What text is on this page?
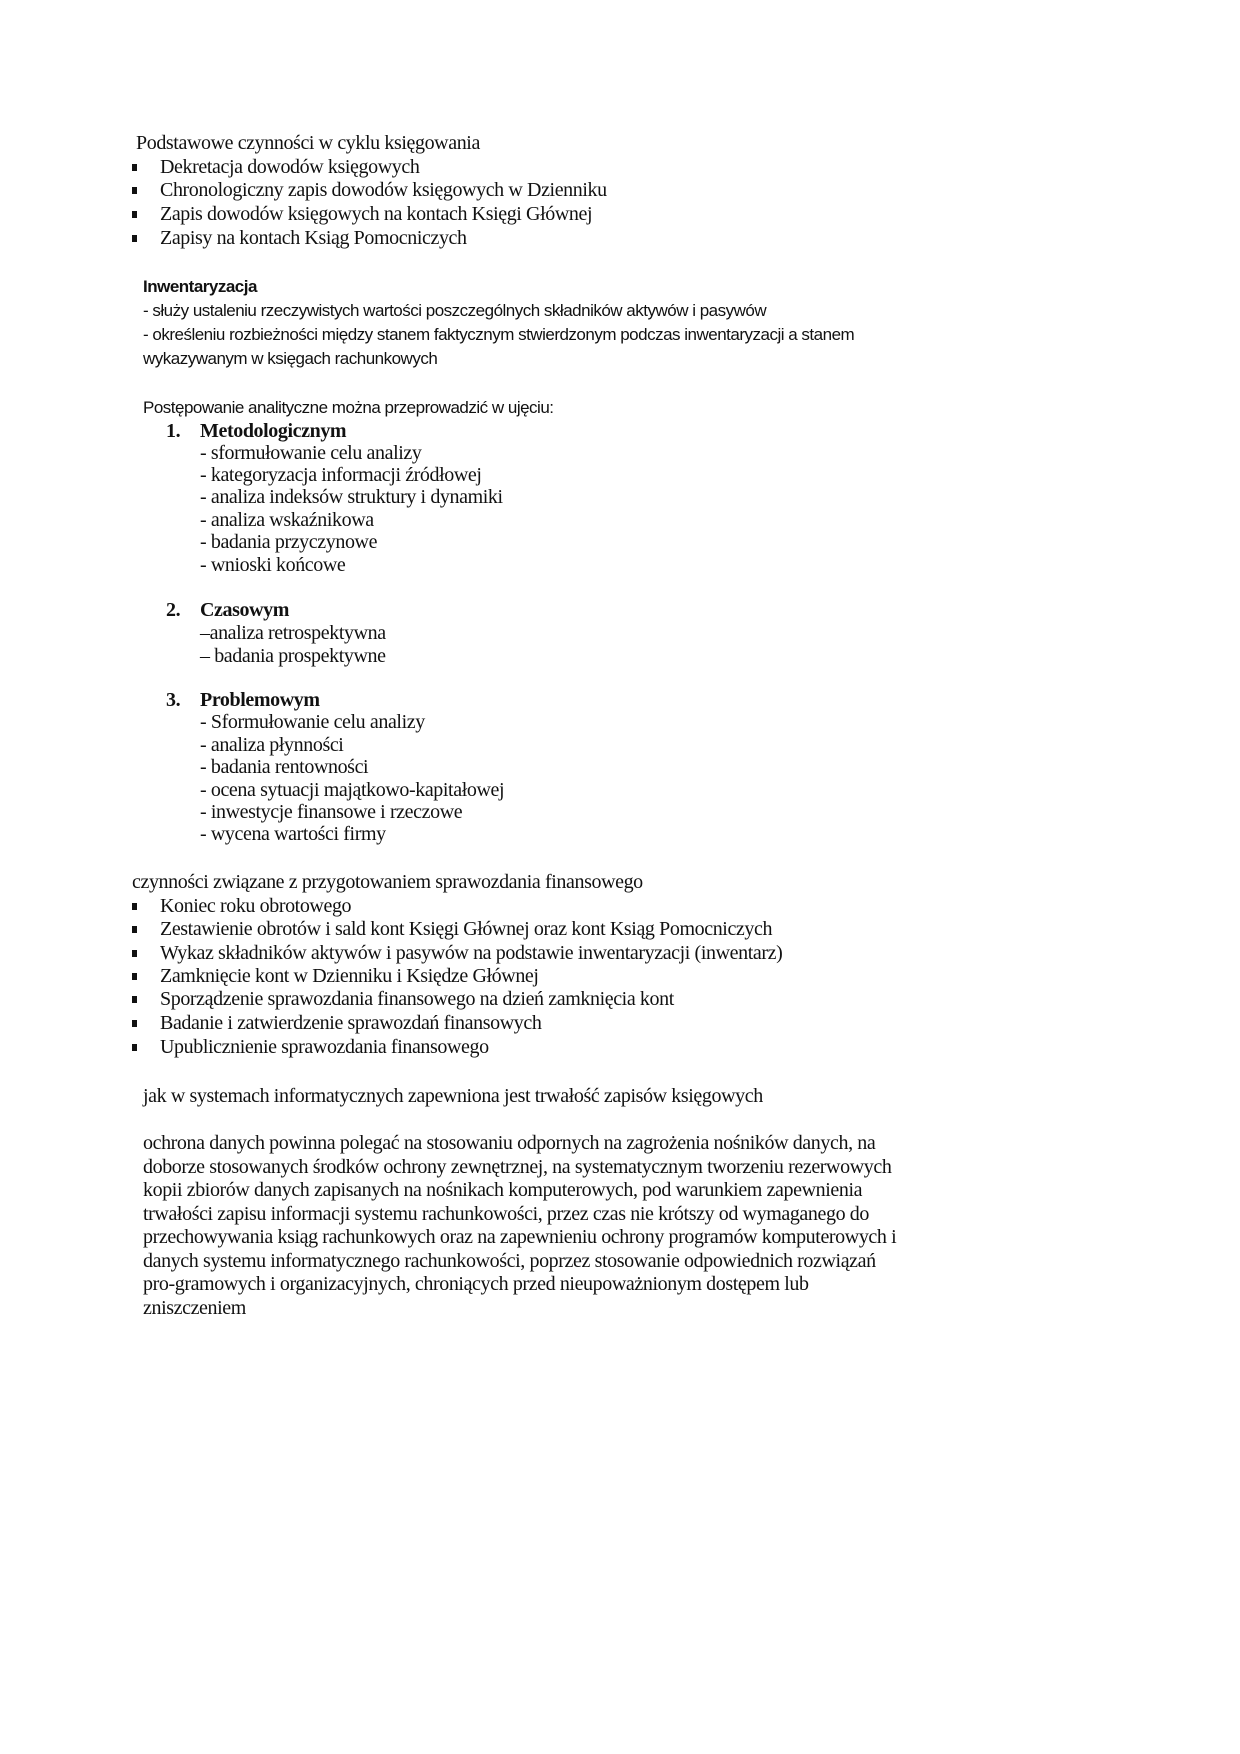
Podstawowe czynności w cyklu księgowania
Dekretacja dowodów księgowych
Chronologiczny zapis dowodów księgowych w Dzienniku
Zapis dowodów księgowych na kontach Księgi Głównej
Zapisy na kontach Ksiąg Pomocniczych
Inwentaryzacja
- służy ustaleniu rzeczywistych wartości poszczególnych składników aktywów i pasywów
- określeniu rozbieżności między stanem faktycznym stwierdzonym podczas inwentaryzacji a stanem
wykazywanym w księgach rachunkowych
Postępowanie analityczne można przeprowadzić w ujęciu:
1. Metodologicznym
- sformułowanie celu analizy
- kategoryzacja informacji źródłowej
- analiza indeksów struktury i dynamiki
- analiza wskaźnikowa
- badania przyczynowe
- wnioski końcowe
2. Czasowym
–analiza retrospektywna
– badania prospektywne
3. Problemowym
- Sformułowanie celu analizy
- analiza płynności
- badania rentowności
- ocena sytuacji majątkowo-kapitałowej
- inwestycje finansowe i rzeczowe
- wycena wartości firmy
czynności związane z przygotowaniem sprawozdania finansowego
Koniec roku obrotowego
Zestawienie obrotów i sald kont Księgi Głównej oraz kont Ksiąg Pomocniczych
Wykaz składników aktywów i pasywów na podstawie inwentaryzacji (inwentarz)
Zamknięcie kont w Dzienniku i Księdze Głównej
Sporządzenie sprawozdania finansowego na dzień zamknięcia kont
Badanie i zatwierdzenie sprawozdań finansowych
Upublicznienie sprawozdania finansowego
jak w systemach informatycznych zapewniona jest trwałość zapisów księgowych
ochrona danych powinna polegać na stosowaniu odpornych na zagrożenia nośników danych, na
doborze stosowanych środków ochrony zewnętrznej, na systematycznym tworzeniu rezerwowych
kopii zbiorów danych zapisanych na nośnikach komputerowych, pod warunkiem zapewnienia
trwałości zapisu informacji systemu rachunkowości, przez czas nie krótszy od wymaganego do
przechowywania ksiąg rachunkowych oraz na zapewnieniu ochrony programów komputerowych i
danych systemu informatycznego rachunkowości, poprzez stosowanie odpowiednich rozwiązań
pro-gramowych i organizacyjnych, chroniących przed nieupoważnionym dostępem lub
zniszczeniem
